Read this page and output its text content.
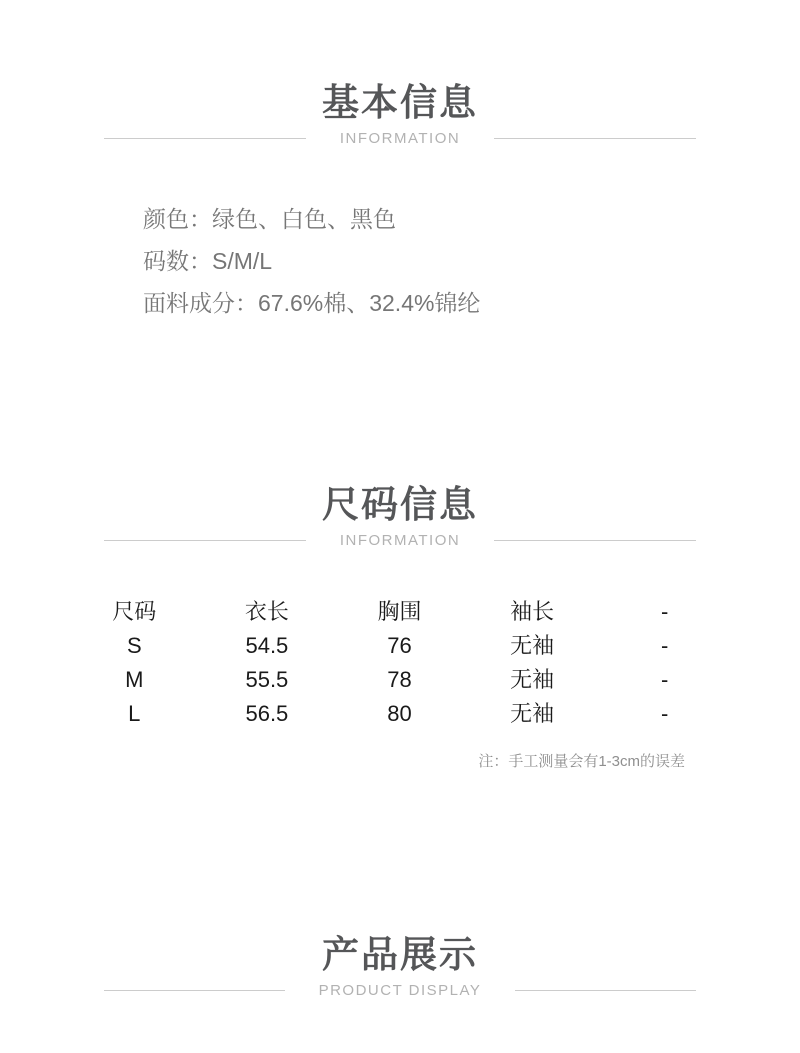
基本信息
INFORMATION
颜色：绿色、白色、黑色
码数：S/M/L
面料成分：67.6%棉、32.4%锦纶
尺码信息
INFORMATION
尺码	衣长	胸围	袖长	-
S	54.5	76	无袖	-
M	55.5	78	无袖	-
L	56.5	80	无袖	-
注：手工测量会有1-3cm的误差
产品展示
PRODUCT DISPLAY
